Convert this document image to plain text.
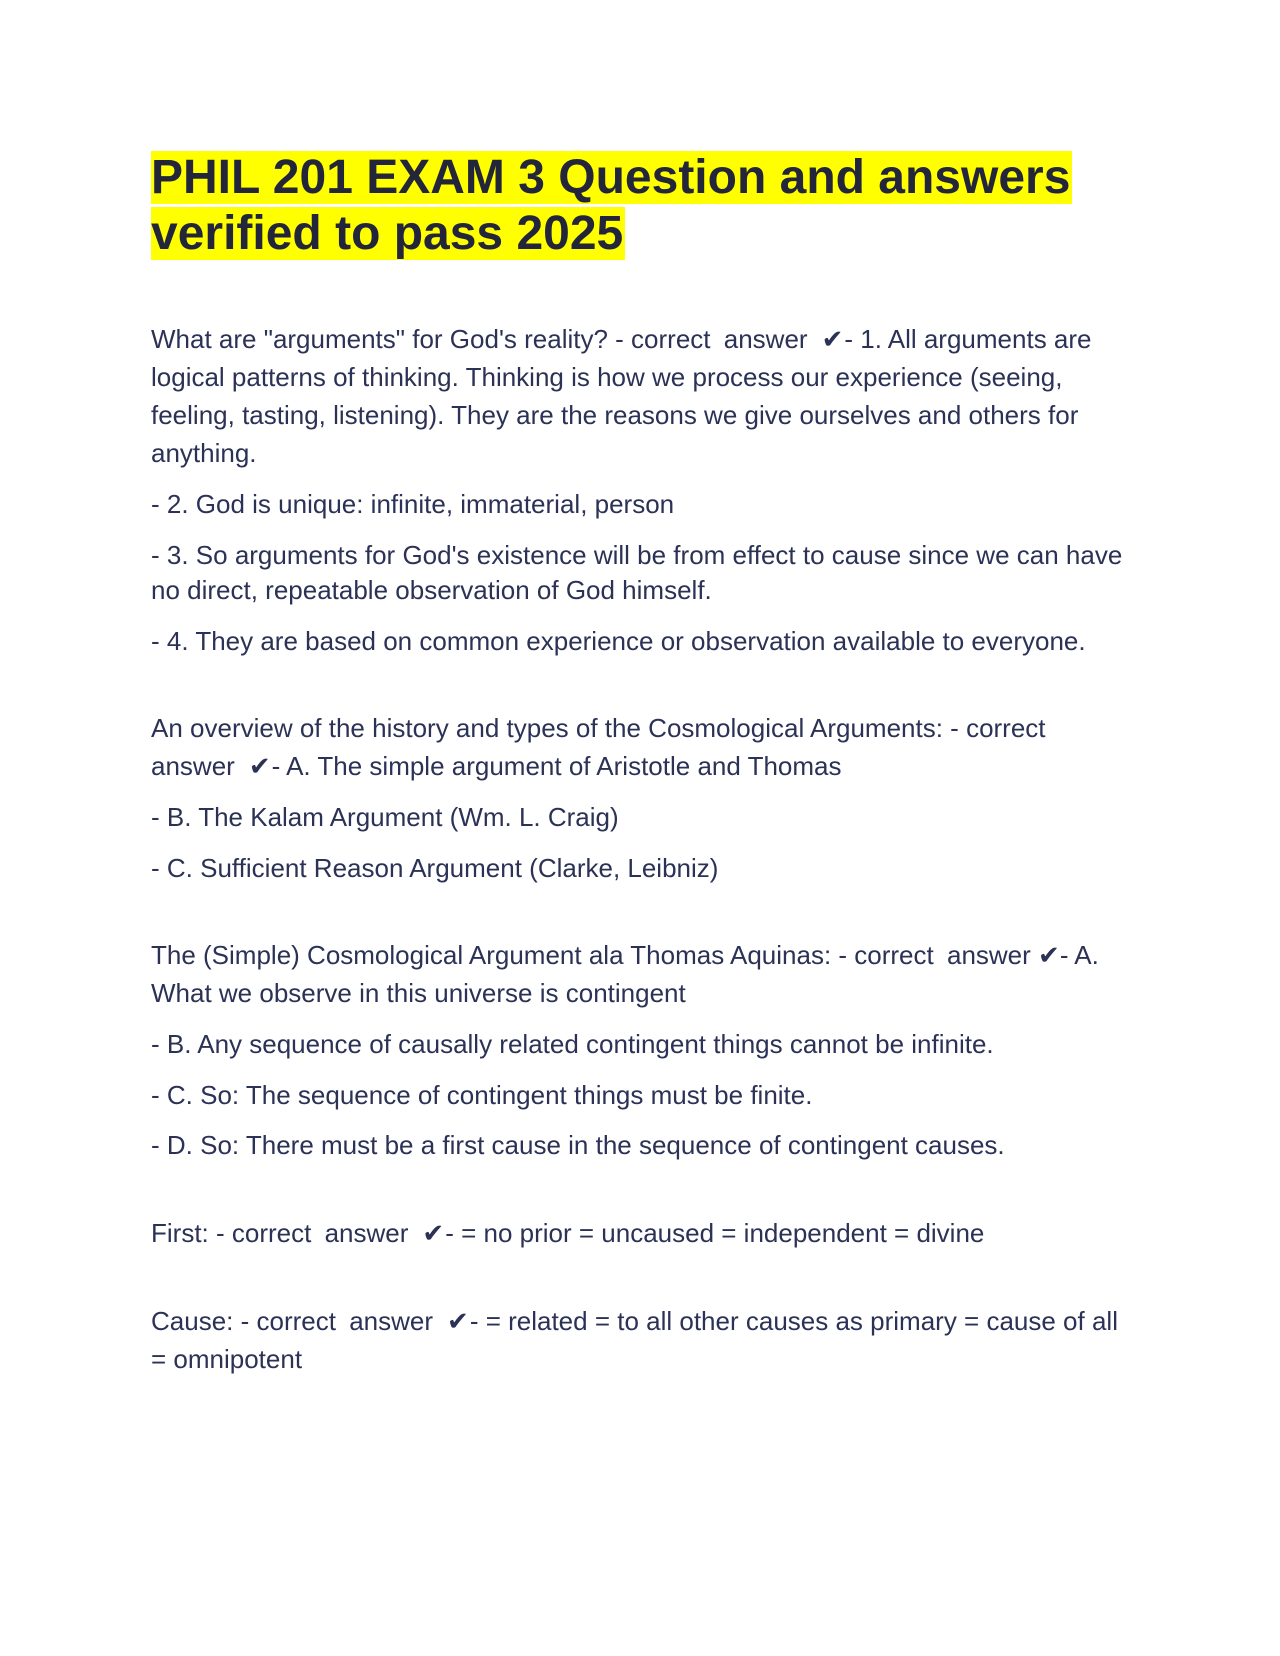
PHIL 201 EXAM 3 Question and answers
verified to pass 2025

What are "arguments" for God's reality? - correct answer ✔- 1. All arguments are logical patterns of thinking. Thinking is how we process our experience (seeing, feeling, tasting, listening). They are the reasons we give ourselves and others for anything.

- 2. God is unique: infinite, immaterial, person

- 3. So arguments for God's existence will be from effect to cause since we can have no direct, repeatable observation of God himself.

- 4. They are based on common experience or observation available to everyone.

An overview of the history and types of the Cosmological Arguments: - correct answer ✔- A. The simple argument of Aristotle and Thomas

- B. The Kalam Argument (Wm. L. Craig)

- C. Sufficient Reason Argument (Clarke, Leibniz)

The (Simple) Cosmological Argument ala Thomas Aquinas: - correct answer ✔- A. What we observe in this universe is contingent

- B. Any sequence of causally related contingent things cannot be infinite.

- C. So: The sequence of contingent things must be finite.

- D. So: There must be a first cause in the sequence of contingent causes.

First: - correct answer ✔- = no prior = uncaused = independent = divine

Cause: - correct answer ✔- = related = to all other causes as primary = cause of all = omnipotent
